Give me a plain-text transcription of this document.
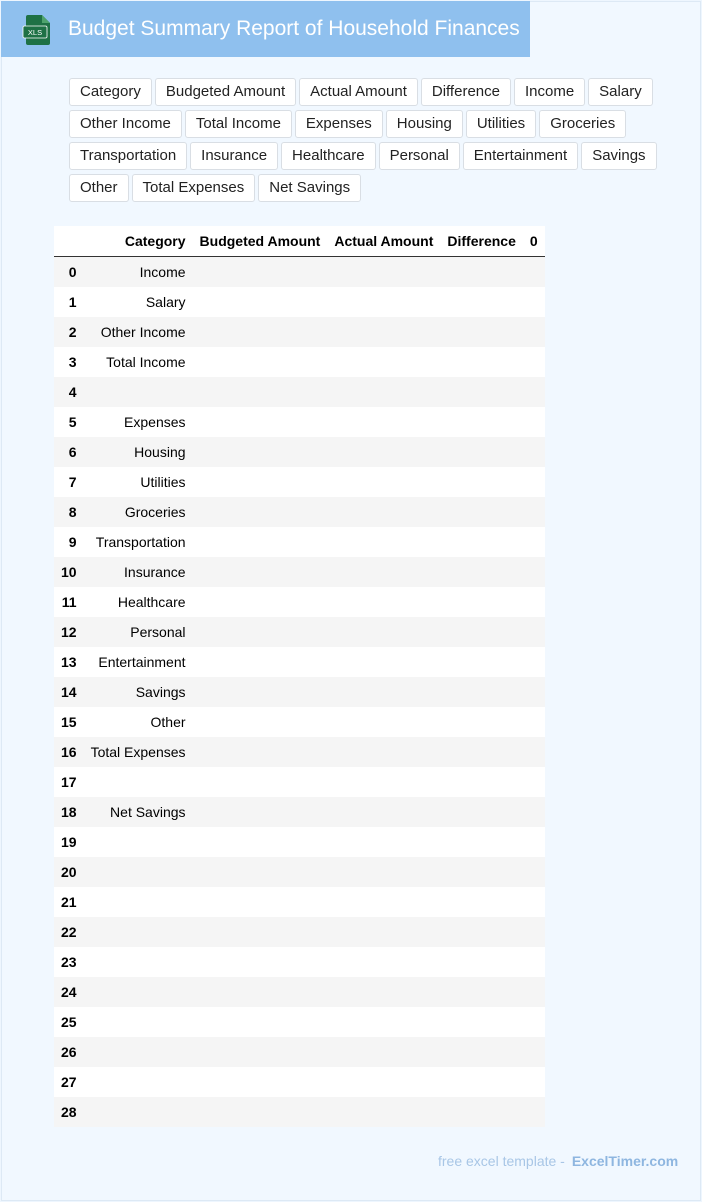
XLS Budget Summary Report of Household Finances
Category	Budgeted Amount	Actual Amount	Difference	Income	Salary
Other Income	Total Income	Expenses	Housing	Utilities	Groceries
Transportation	Insurance	Healthcare	Personal	Entertainment	Savings
Other	Total Expenses	Net Savings
	Category	Budgeted Amount	Actual Amount	Difference	0
0	Income				
1	Salary				
2	Other Income				
3	Total Income				
4					
5	Expenses				
6	Housing				
7	Utilities				
8	Groceries				
9	Transportation				
10	Insurance				
11	Healthcare				
12	Personal				
13	Entertainment				
14	Savings				
15	Other				
16	Total Expenses				
17					
18	Net Savings				
19					
20					
21					
22					
23					
24					
25					
26					
27					
28					
free excel template - ExcelTimer.com
